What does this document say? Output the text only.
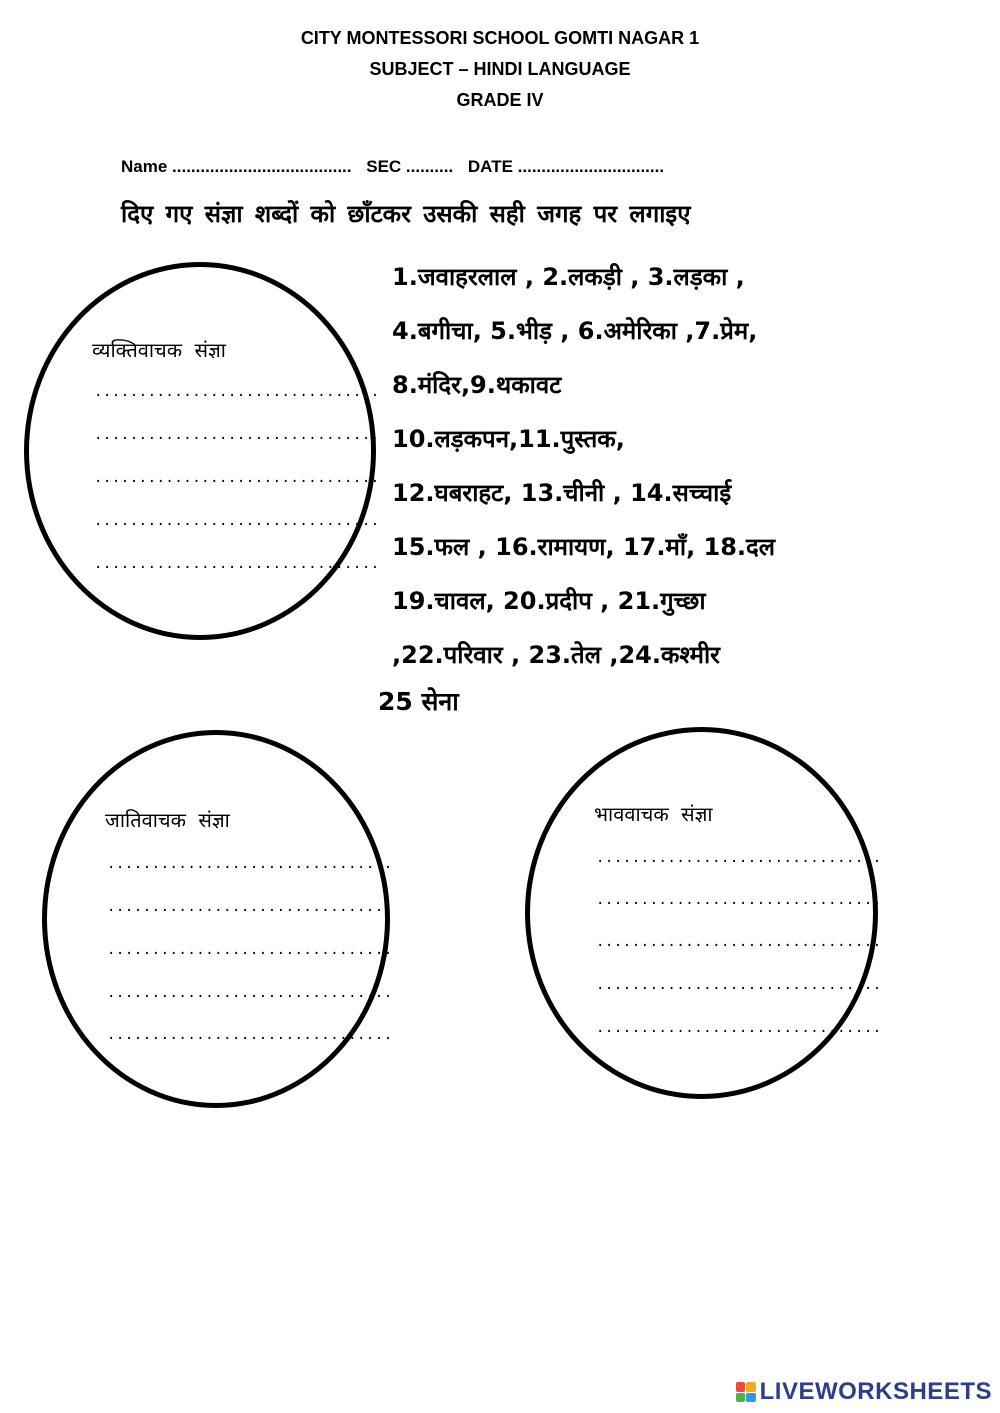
CITY MONTESSORI SCHOOL GOMTI NAGAR 1
SUBJECT – HINDI LANGUAGE
GRADE IV
Name ...................................... SEC .......... DATE ...............................
दिए गए संज्ञा शब्दों को छाँटकर उसकी सही जगह पर लगाइए
1.जवाहरलाल , 2.लकड़ी , 3.लड़का ,
4.बगीचा, 5.भीड़ , 6.अमेरिका ,7.प्रेम,
8.मंदिर,9.थकावट
10.लड़कपन,11.पुस्तक,
12.घबराहट, 13.चीनी , 14.सच्चाई
15.फल , 16.रामायण, 17.माँ, 18.दल
19.चावल, 20.प्रदीप , 21.गुच्छा
,22.परिवार , 23.तेल ,24.कश्मीर
25 सेना
व्यक्तिवाचक संज्ञा
................................
................................
................................
................................
................................
जातिवाचक संज्ञा
................................
................................
................................
................................
................................
भाववाचक संज्ञा
................................
................................
................................
................................
................................
LIVEWORKSHEETS
